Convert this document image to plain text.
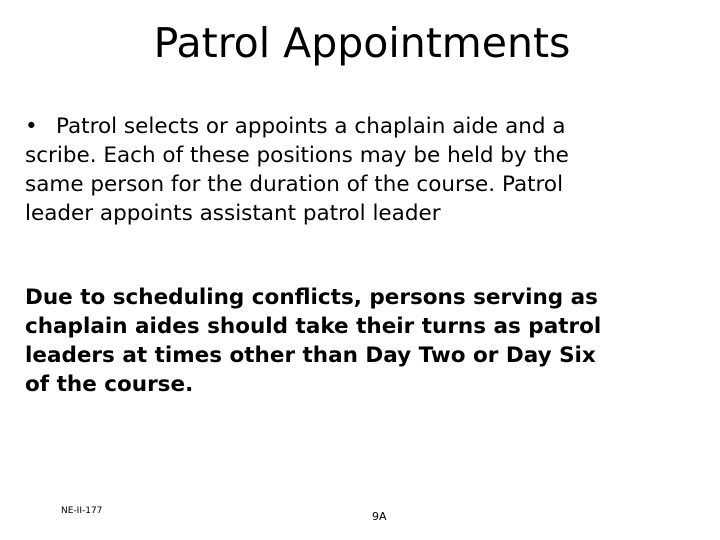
Patrol Appointments
• Patrol selects or appoints a chaplain aide and a
scribe. Each of these positions may be held by the
same person for the duration of the course. Patrol
leader appoints assistant patrol leader
Due to scheduling conflicts, persons serving as
chaplain aides should take their turns as patrol
leaders at times other than Day Two or Day Six
of the course.
NE-II-177	9A
